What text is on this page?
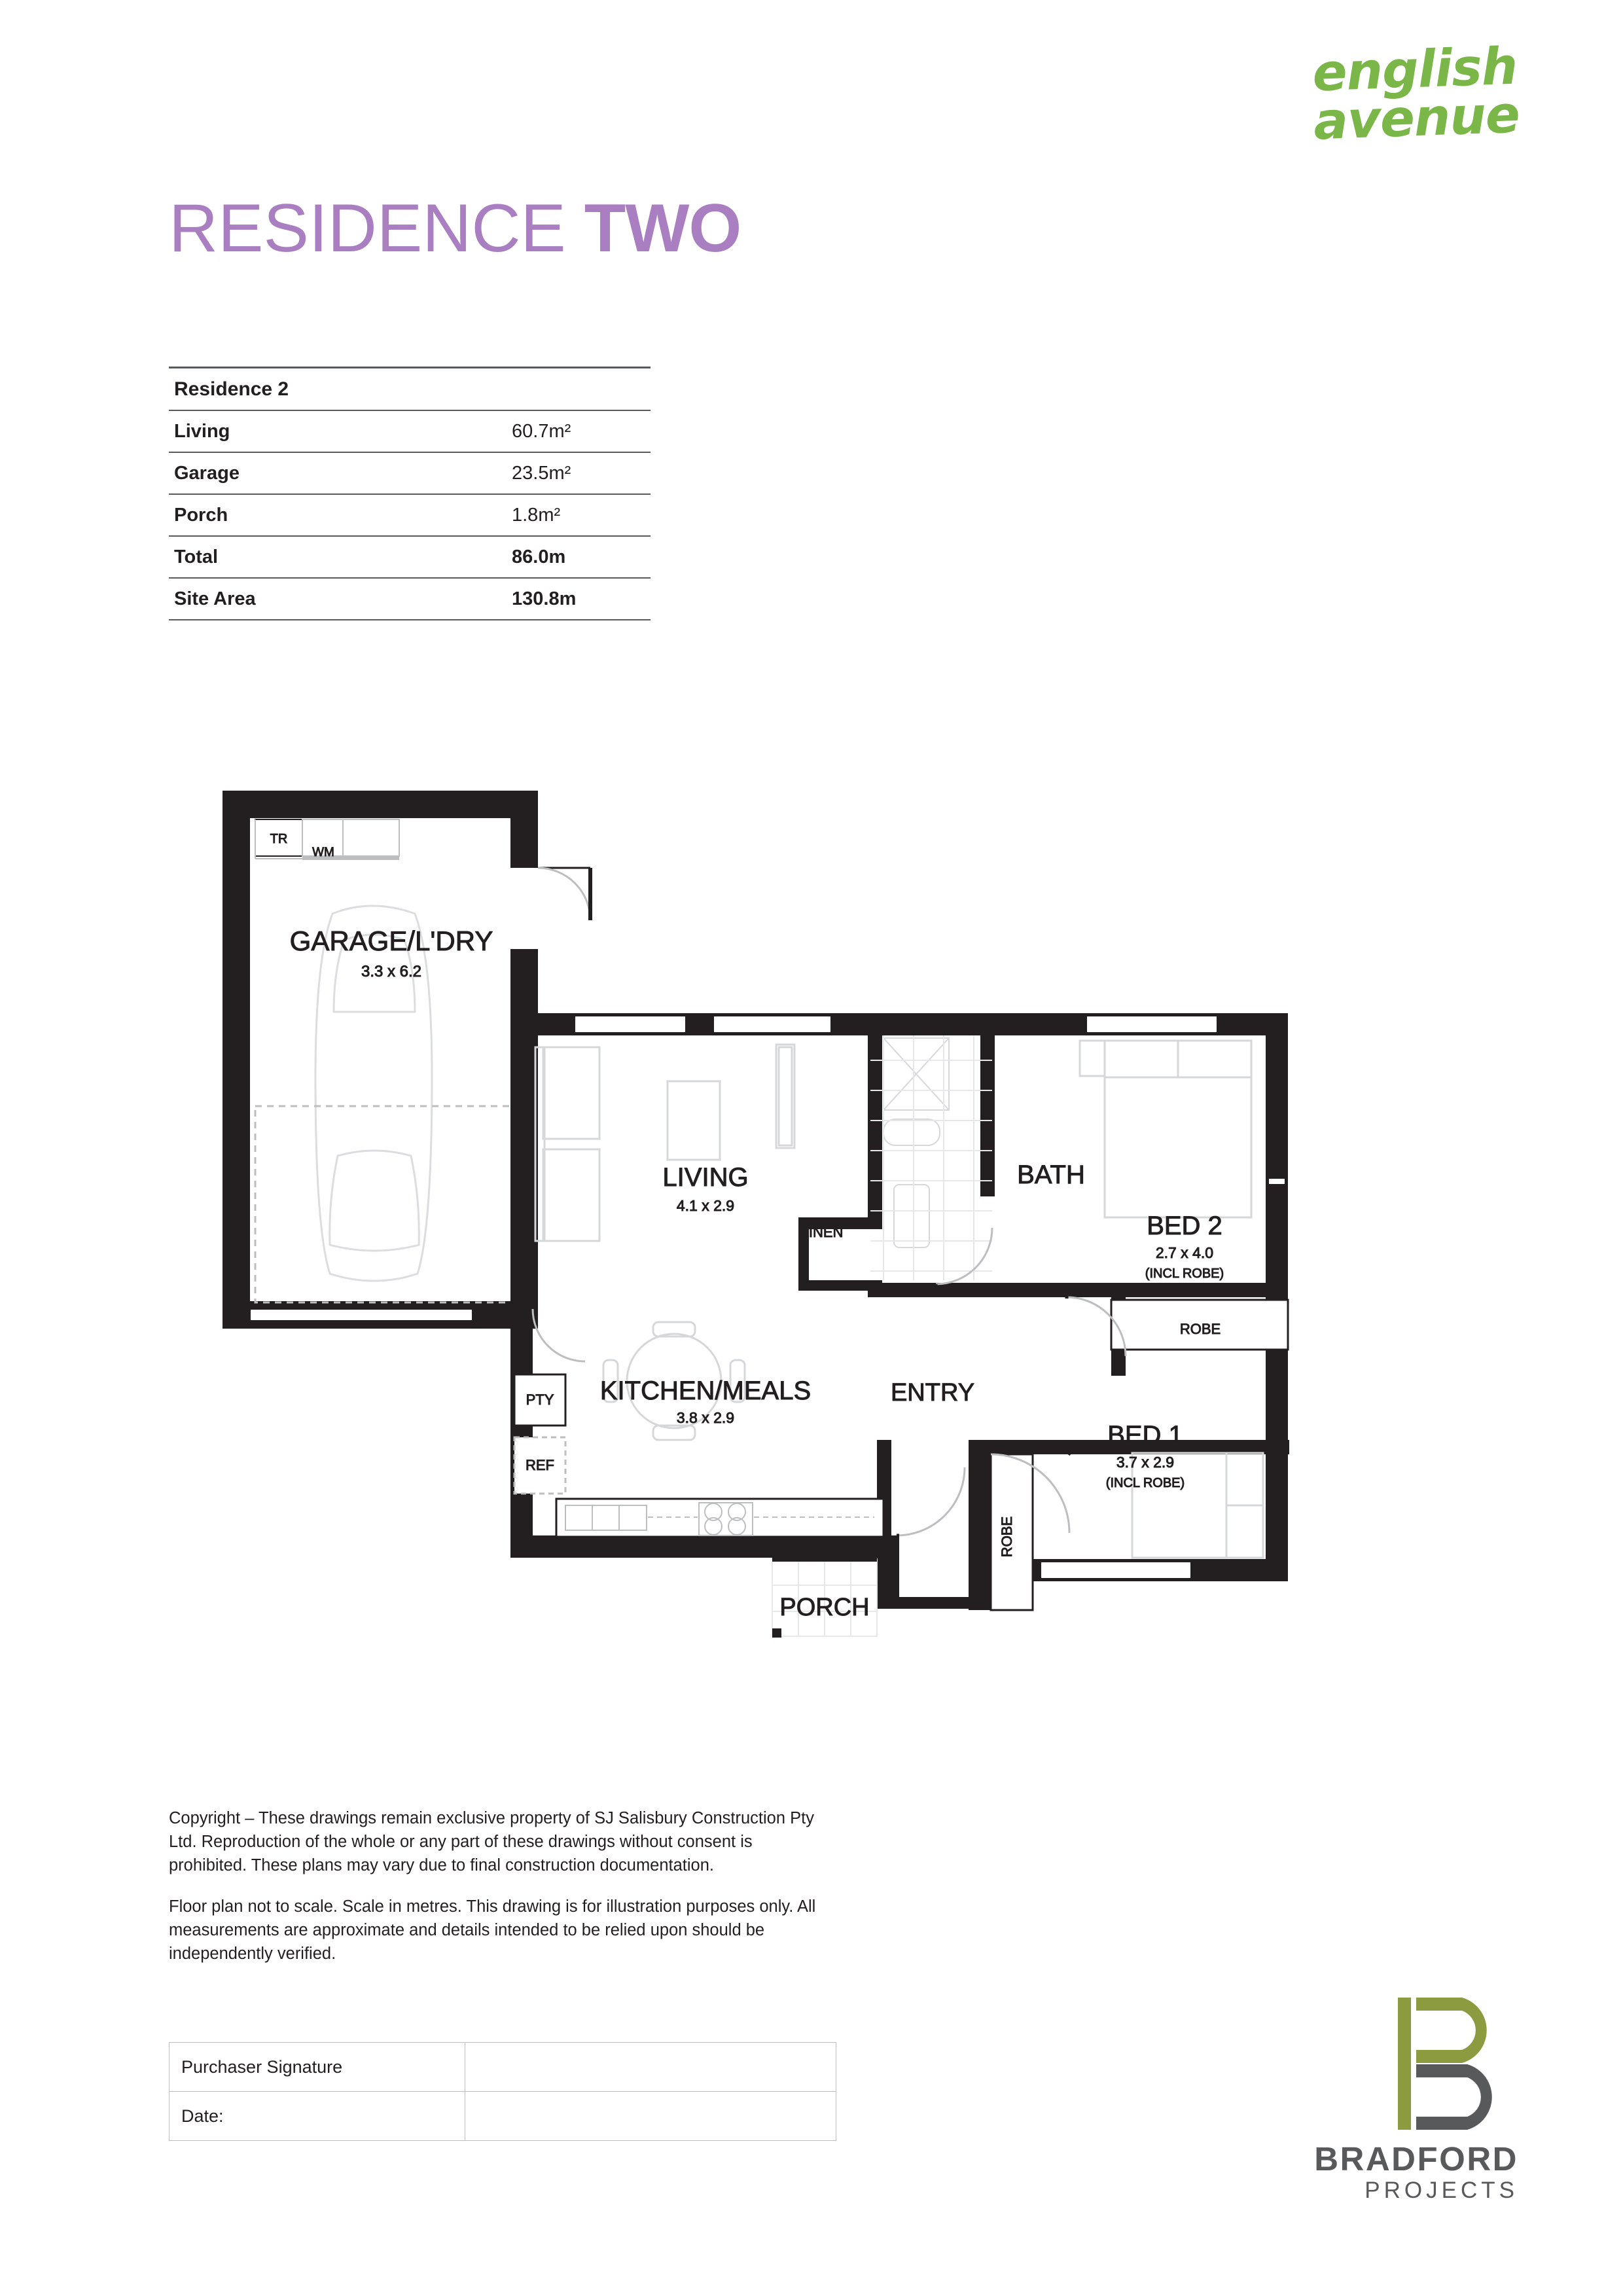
english
avenue
RESIDENCE TWO
Residence 2	
Living	60.7m²
Garage	23.5m²
Porch	1.8m²
Total	86.0m
Site Area	130.8m
TR
WM
GARAGE/L'DRY
3.3 x 6.2
ROBE
ROBE
PTY
REF
LIVING
4.1 x 2.9
BATH
LINEN	BED 2
2.7 x 4.0
(INCL ROBE)
KITCHEN/MEALS
3.8 x 2.9
ENTRY
BED 1
3.7 x 2.9
(INCL ROBE)
PORCH

Copyright – These drawings remain exclusive property of SJ Salisbury Construction Pty Ltd. Reproduction of the whole or any part of these drawings without consent is prohibited. These plans may vary due to final construction documentation.

Floor plan not to scale. Scale in metres. This drawing is for illustration purposes only. All measurements are approximate and details intended to be relied upon should be independently verified.

Purchaser Signature	
Date:	
BRADFORD
PROJECTS
